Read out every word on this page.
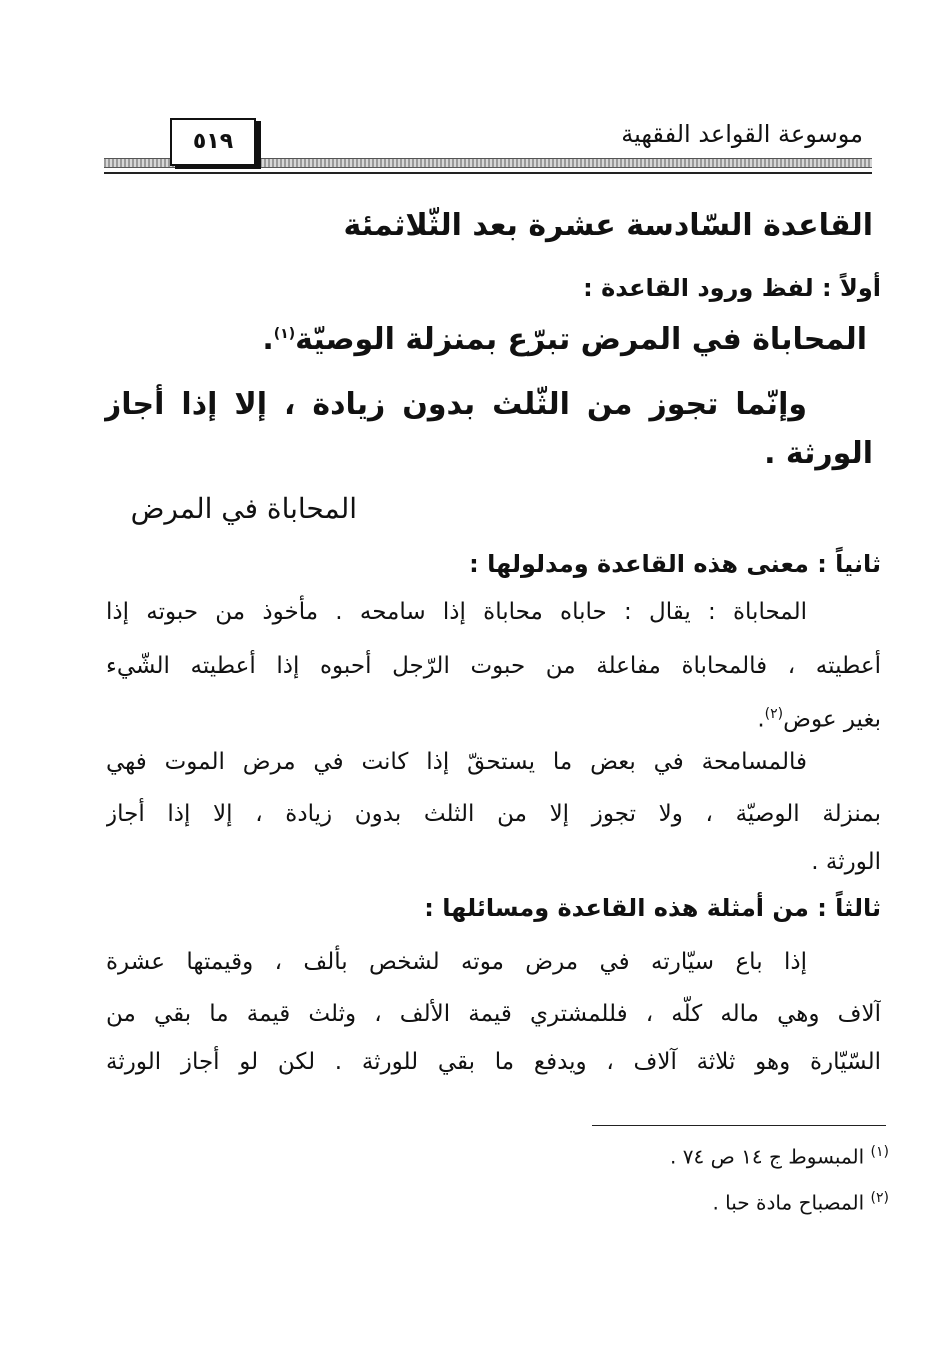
موسوعة القواعد الفقهية
٥١٩
القاعدة السّادسة عشرة بعد الثّلاثمئة
أولاً : لفظ ورود القاعدة :
المحاباة في المرض تبرّع بمنزلة الوصيّة$^{(١)}$.
وإنّما تجوز من الثّلث بدون زيادة ، إلا إذا أجاز
الورثة .
المحاباة في المرض
ثانياً : معنى هذه القاعدة ومدلولها :
المحاباة : يقال : حاباه محاباة إذا سامحه . مأخوذ من حبوته إذا
أعطيته ، فالمحاباة مفاعلة من حبوت الرّجل أحبوه إذا أعطيته الشّيء
بغير عوض$^{(٢)}$.
فالمسامحة في بعض ما يستحقّ إذا كانت في مرض الموت فهي
بمنزلة الوصيّة ، ولا تجوز إلا من الثلث بدون زيادة ، إلا إذا أجاز
الورثة .
ثالثاً : من أمثلة هذه القاعدة ومسائلها :
إذا باع سيّارته في مرض موته لشخص بألف ، وقيمتها عشرة
آلاف وهي ماله كلّه ، فللمشتري قيمة الألف ، وثلث قيمة ما بقي من
السّيّارة وهو ثلاثة آلاف ، ويدفع ما بقي للورثة . لكن لو أجاز الورثة
$^{(١)}$ المبسوط ج ١٤ ص ٧٤ .
$^{(٢)}$ المصباح مادة حبا .
